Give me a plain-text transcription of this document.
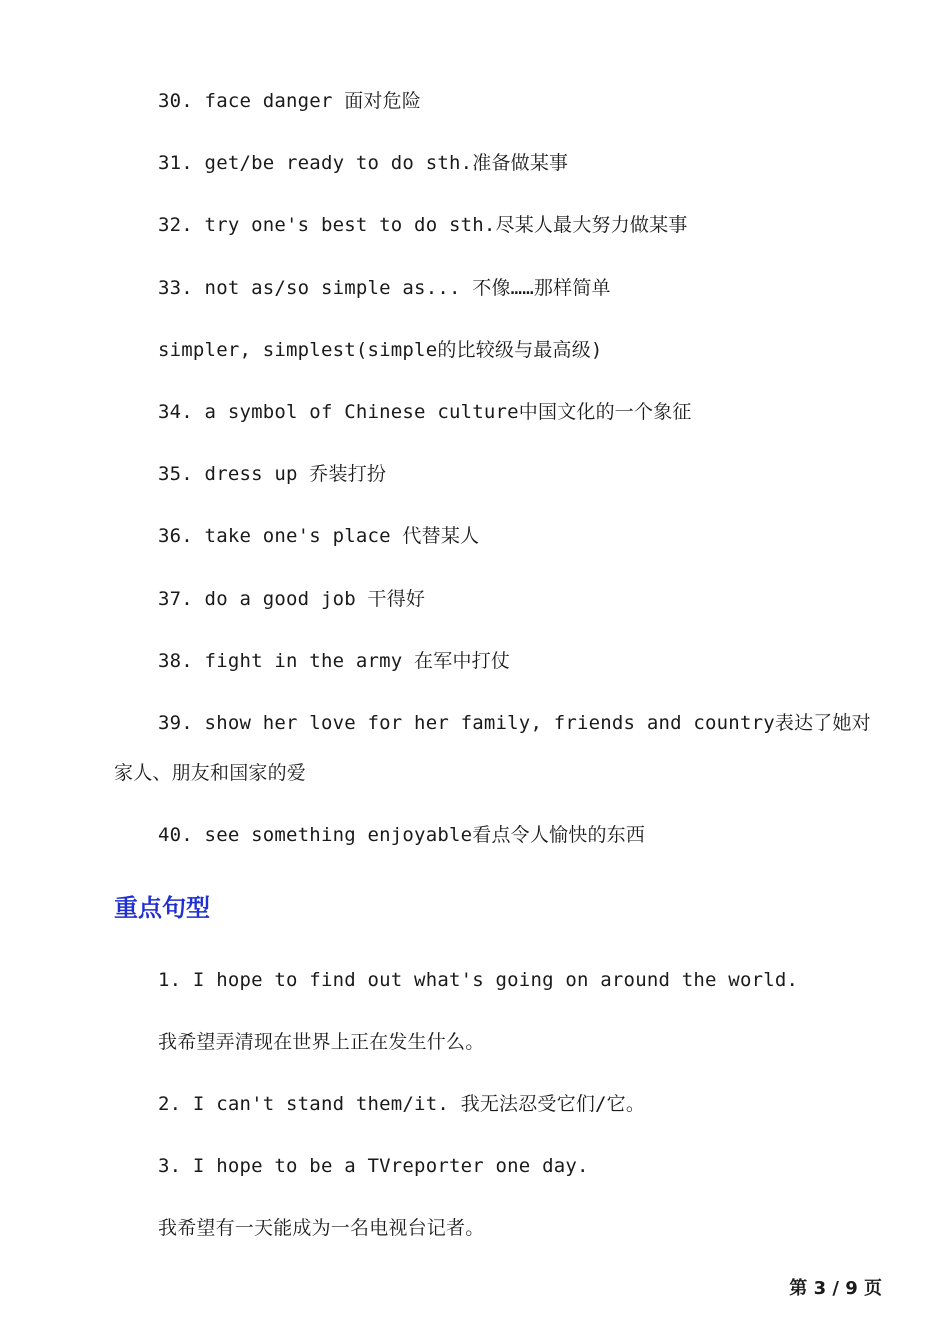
30. face danger 面对危险
31. get/be ready to do sth.准备做某事
32. try one's best to do sth.尽某人最大努力做某事
33. not as/so simple as... 不像……那样简单
simpler, simplest(simple的比较级与最高级)
34. a symbol of Chinese culture中国文化的一个象征
35. dress up 乔装打扮
36. take one's place 代替某人
37. do a good job 干得好
38. fight in the army 在军中打仗
39. show her love for her family, friends and country表达了她对
家人、朋友和国家的爱
40. see something enjoyable看点令人愉快的东西
重点句型
1. I hope to find out what's going on around the world.
我希望弄清现在世界上正在发生什么。
2. I can't stand them/it. 我无法忍受它们/它。
3. I hope to be a TVreporter one day.
我希望有一天能成为一名电视台记者。
第 3 / 9 页
